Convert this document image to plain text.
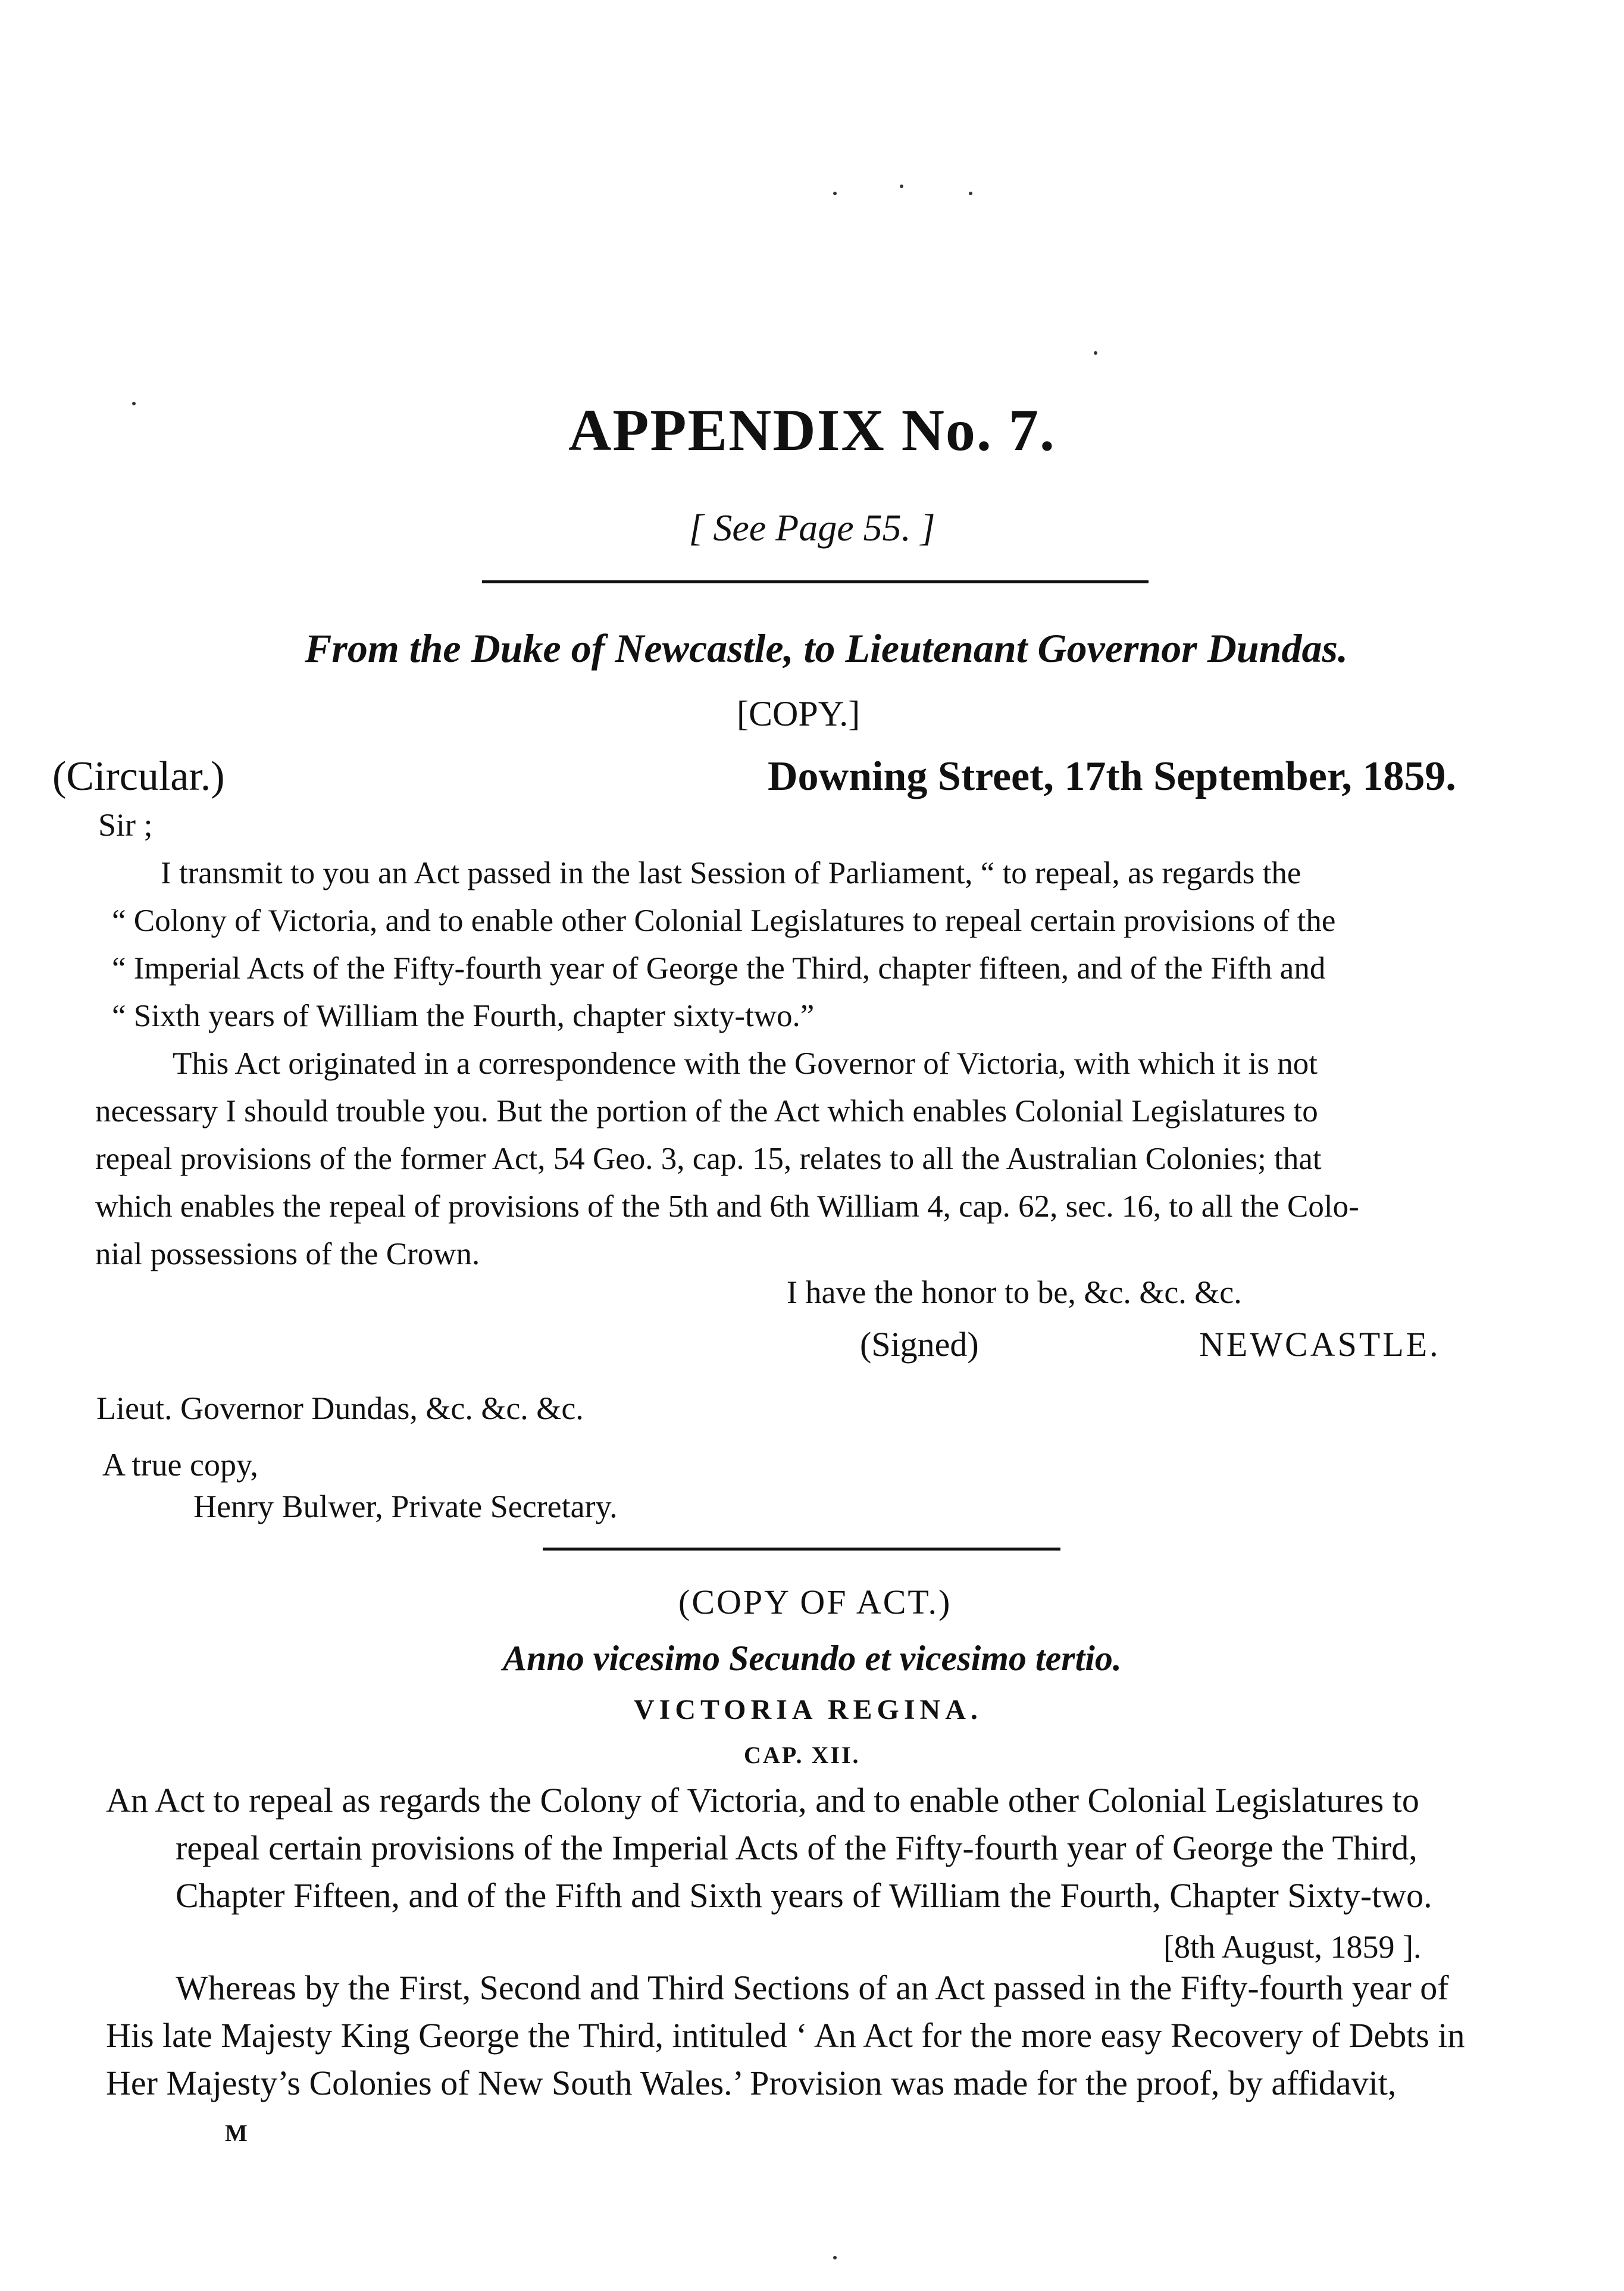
APPENDIX No. 7.
[ See Page 55. ]
From the Duke of Newcastle, to Lieutenant Governor Dundas.
[COPY.]
(Circular.)	Downing Street, 17th September, 1859.
Sir ;
I transmit to you an Act passed in the last Session of Parliament, “ to repeal, as regards the
“ Colony of Victoria, and to enable other Colonial Legislatures to repeal certain provisions of the
“ Imperial Acts of the Fifty-fourth year of George the Third, chapter fifteen, and of the Fifth and
“ Sixth years of William the Fourth, chapter sixty-two.”
This Act originated in a correspondence with the Governor of Victoria, with which it is not
necessary I should trouble you. But the portion of the Act which enables Colonial Legislatures to
repeal provisions of the former Act, 54 Geo. 3, cap. 15, relates to all the Australian Colonies; that
which enables the repeal of provisions of the 5th and 6th William 4, cap. 62, sec. 16, to all the Colo-
nial possessions of the Crown.
I have the honor to be, &c. &c. &c.
(Signed)	NEWCASTLE.
Lieut. Governor Dundas, &c. &c. &c.
A true copy,
Henry Bulwer, Private Secretary.
(COPY OF ACT.)
Anno vicesimo Secundo et vicesimo tertio.
VICTORIA REGINA.
CAP. XII.
An Act to repeal as regards the Colony of Victoria, and to enable other Colonial Legislatures to
repeal certain provisions of the Imperial Acts of the Fifty-fourth year of George the Third,
Chapter Fifteen, and of the Fifth and Sixth years of William the Fourth, Chapter Sixty-two.
[8th August, 1859 ].
Whereas by the First, Second and Third Sections of an Act passed in the Fifty-fourth year of
His late Majesty King George the Third, intituled ‘ An Act for the more easy Recovery of Debts in
Her Majesty’s Colonies of New South Wales.’ Provision was made for the proof, by affidavit,
M
